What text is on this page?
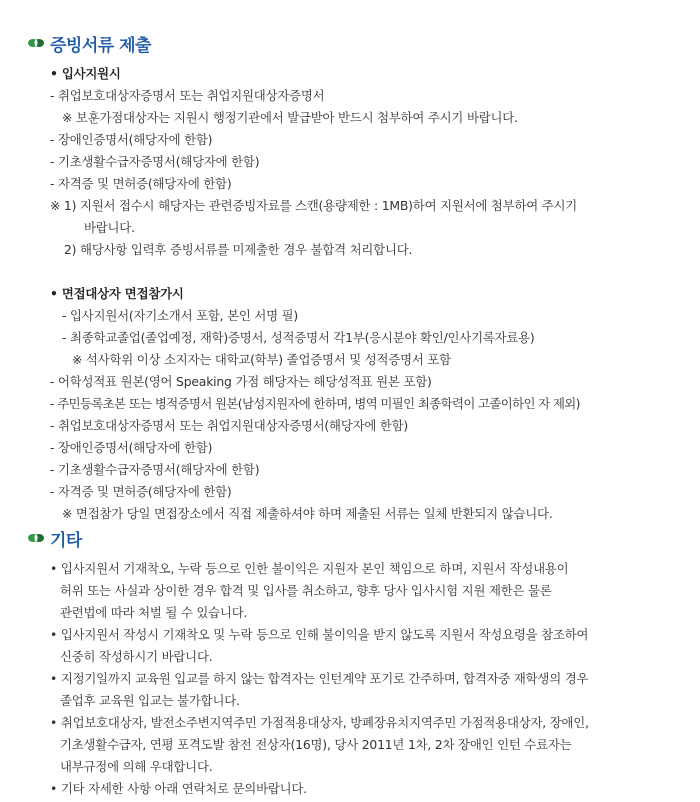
증빙서류 제출
• 입사지원시
- 취업보호대상자증명서 또는 취업지원대상자증명서
※ 보훈가점대상자는 지원시 행정기관에서 발급받아 반드시 첨부하여 주시기 바랍니다.
- 장애인증명서(해당자에 한함)
- 기초생활수급자증명서(해당자에 한함)
- 자격증 및 면허증(해당자에 한함)
※ 1) 지원서 접수시 해당자는 관련증빙자료를 스캔(용량제한 : 1MB)하여 지원서에 첨부하여 주시기
바랍니다.
2) 해당사항 입력후 증빙서류를 미제출한 경우 불합격 처리합니다.
• 면접대상자 면접참가시
- 입사지원서(자기소개서 포함, 본인 서명 필)
- 최종학교졸업(졸업예정, 재학)증명서, 성적증명서 각1부(응시분야 확인/인사기록자료용)
※ 석사학위 이상 소지자는 대학교(학부) 졸업증명서 및 성적증명서 포함
- 어학성적표 원본(영어 Speaking 가점 해당자는 해당성적표 원본 포함)
- 주민등록초본 또는 병적증명서 원본(남성지원자에 한하며, 병역 미필인 최종학력이 고졸이하인 자 제외)
- 취업보호대상자증명서 또는 취업지원대상자증명서(해당자에 한함)
- 장애인증명서(해당자에 한함)
- 기초생활수급자증명서(해당자에 한함)
- 자격증 및 면허증(해당자에 한함)
※ 면접참가 당일 면접장소에서 직접 제출하셔야 하며 제출된 서류는 일체 반환되지 않습니다.
기타
• 입사지원서 기재착오, 누락 등으로 인한 불이익은 지원자 본인 책임으로 하며, 지원서 작성내용이
허위 또는 사실과 상이한 경우 합격 및 입사를 취소하고, 향후 당사 입사시험 지원 제한은 물론
관련법에 따라 처벌 될 수 있습니다.
• 입사지원서 작성시 기재착오 및 누락 등으로 인해 불이익을 받지 않도록 지원서 작성요령을 참조하여
신중히 작성하시기 바랍니다.
• 지정기일까지 교육원 입교를 하지 않는 합격자는 인턴계약 포기로 간주하며, 합격자중 재학생의 경우
졸업후 교육원 입교는 불가합니다.
• 취업보호대상자, 발전소주변지역주민 가점적용대상자, 방폐장유치지역주민 가점적용대상자, 장애인,
기초생활수급자, 연평 포격도발 참전 전상자(16명), 당사 2011년 1차, 2차 장애인 인턴 수료자는
내부규정에 의해 우대합니다.
• 기타 자세한 사항 아래 연락처로 문의바랍니다.
